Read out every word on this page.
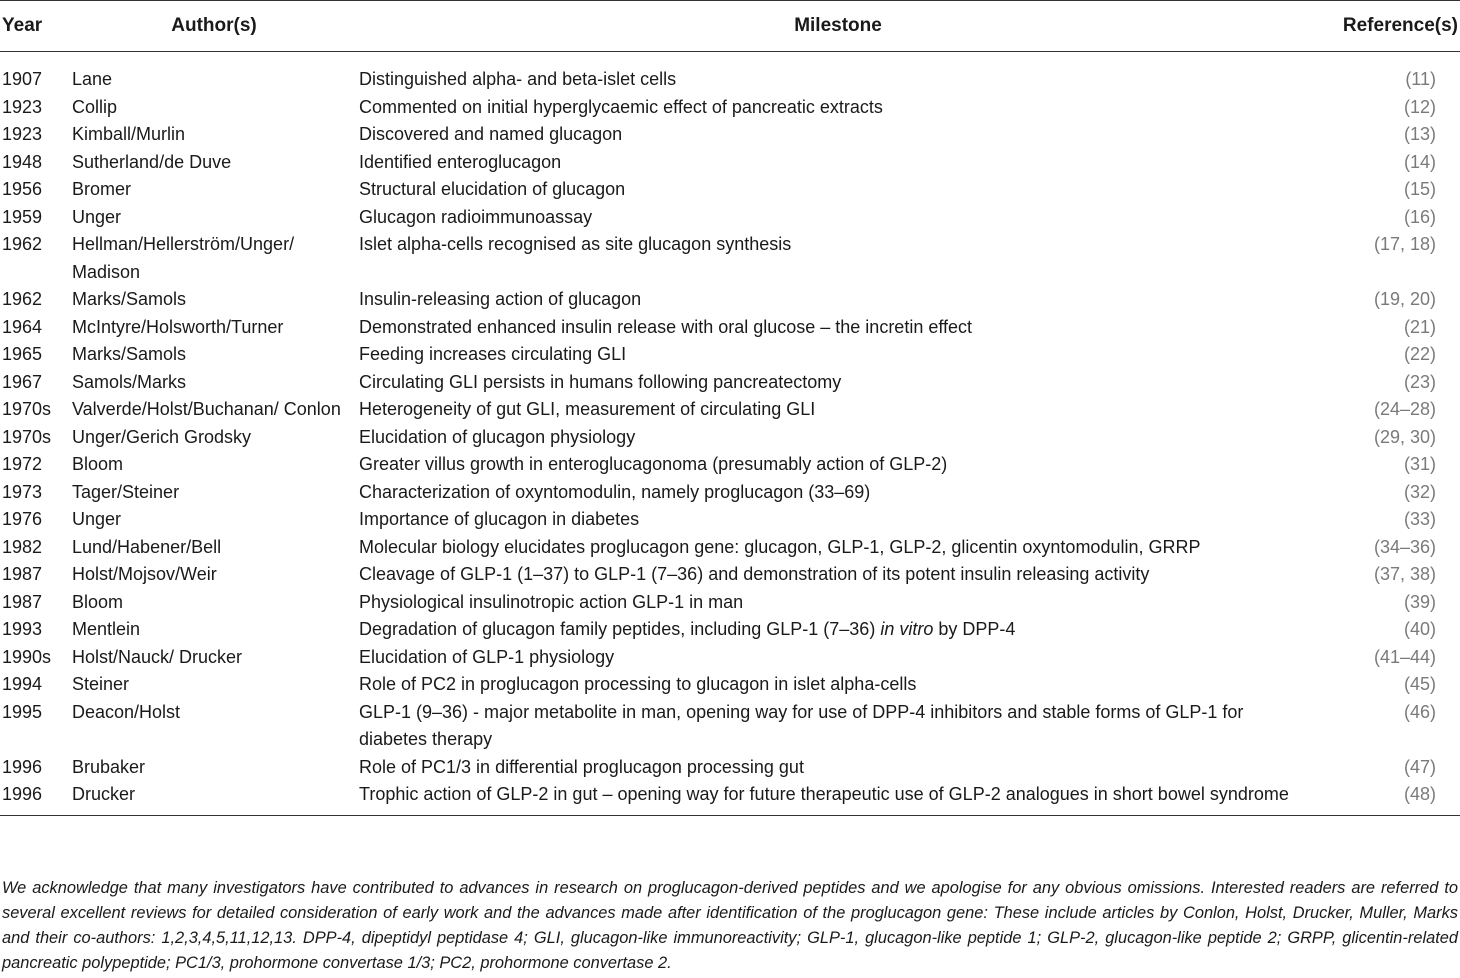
Year	Author(s)	Milestone	Reference(s)
1907	Lane	Distinguished alpha- and beta-islet cells	(11)
1923	Collip	Commented on initial hyperglycaemic effect of pancreatic extracts	(12)
1923	Kimball/Murlin	Discovered and named glucagon	(13)
1948	Sutherland/de Duve	Identified enteroglucagon	(14)
1956	Bromer	Structural elucidation of glucagon	(15)
1959	Unger	Glucagon radioimmunoassay	(16)
1962	Hellman/Hellerström/Unger/ Madison	Islet alpha-cells recognised as site glucagon synthesis	(17, 18)
1962	Marks/Samols	Insulin-releasing action of glucagon	(19, 20)
1964	McIntyre/Holsworth/Turner	Demonstrated enhanced insulin release with oral glucose – the incretin effect	(21)
1965	Marks/Samols	Feeding increases circulating GLI	(22)
1967	Samols/Marks	Circulating GLI persists in humans following pancreatectomy	(23)
1970s	Valverde/Holst/Buchanan/ Conlon	Heterogeneity of gut GLI, measurement of circulating GLI	(24–28)
1970s	Unger/Gerich Grodsky	Elucidation of glucagon physiology	(29, 30)
1972	Bloom	Greater villus growth in enteroglucagonoma (presumably action of GLP-2)	(31)
1973	Tager/Steiner	Characterization of oxyntomodulin, namely proglucagon (33–69)	(32)
1976	Unger	Importance of glucagon in diabetes	(33)
1982	Lund/Habener/Bell	Molecular biology elucidates proglucagon gene: glucagon, GLP-1, GLP-2, glicentin oxyntomodulin, GRRP	(34–36)
1987	Holst/Mojsov/Weir	Cleavage of GLP-1 (1–37) to GLP-1 (7–36) and demonstration of its potent insulin releasing activity	(37, 38)
1987	Bloom	Physiological insulinotropic action GLP-1 in man	(39)
1993	Mentlein	Degradation of glucagon family peptides, including GLP-1 (7–36) in vitro by DPP-4	(40)
1990s	Holst/Nauck/ Drucker	Elucidation of GLP-1 physiology	(41–44)
1994	Steiner	Role of PC2 in proglucagon processing to glucagon in islet alpha-cells	(45)
1995	Deacon/Holst	GLP-1 (9–36) - major metabolite in man, opening way for use of DPP-4 inhibitors and stable forms of GLP-1 for diabetes therapy	(46)
1996	Brubaker	Role of PC1/3 in differential proglucagon processing gut	(47)
1996	Drucker	Trophic action of GLP-2 in gut – opening way for future therapeutic use of GLP-2 analogues in short bowel syndrome	(48)
We acknowledge that many investigators have contributed to advances in research on proglucagon-derived peptides and we apologise for any obvious omissions. Interested readers are referred to several excellent reviews for detailed consideration of early work and the advances made after identification of the proglucagon gene: These include articles by Conlon, Holst, Drucker, Muller, Marks and their co-authors: 1,2,3,4,5,11,12,13. DPP-4, dipeptidyl peptidase 4; GLI, glucagon-like immunoreactivity; GLP-1, glucagon-like peptide 1; GLP-2, glucagon-like peptide 2; GRPP, glicentin-related pancreatic polypeptide; PC1/3, prohormone convertase 1/3; PC2, prohormone convertase 2.
